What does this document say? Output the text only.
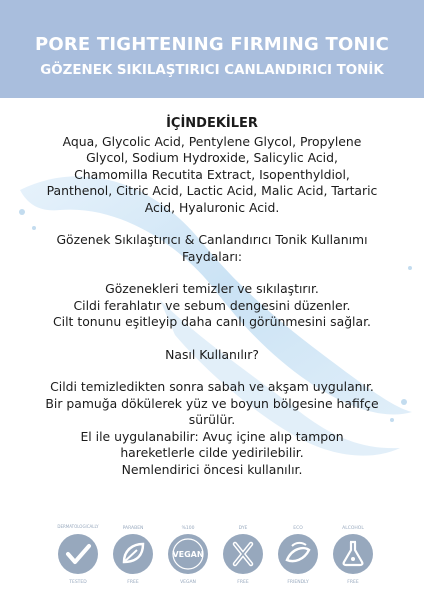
PORE TIGHTENING FIRMING TONIC
GÖZENEK SIKILAŞTIRICI CANLANDIRICI TONİK
İÇİNDEKİLER
Aqua, Glycolic Acid, Pentylene Glycol, Propylene
Glycol, Sodium Hydroxide, Salicylic Acid,
Chamomilla Recutita Extract, Isopenthyldiol,
Panthenol, Citric Acid, Lactic Acid, Malic Acid, Tartaric
Acid, Hyaluronic Acid.
Gözenek Sıkılaştırıcı & Canlandırıcı Tonik Kullanımı
Faydaları:
Gözenekleri temizler ve sıkılaştırır.
Cildi ferahlatır ve sebum dengesini düzenler.
Cilt tonunu eşitleyip daha canlı görünmesini sağlar.
Nasıl Kullanılır?
Cildi temizledikten sonra sabah ve akşam uygulanır.
Bir pamuğa dökülerek yüz ve boyun bölgesine hafifçe
sürülür.
El ile uygulanabilir: Avuç içine alıp tampon
hareketlerle cilde yedirilebilir.
Nemlendirici öncesi kullanılır.
DERMATOLOGICALLY
TESTED
PARABEN
FREE
VEGAN
%100
VEGAN
DYE
FREE
ECO
FRIENDLY
ALCOHOL
FREE
